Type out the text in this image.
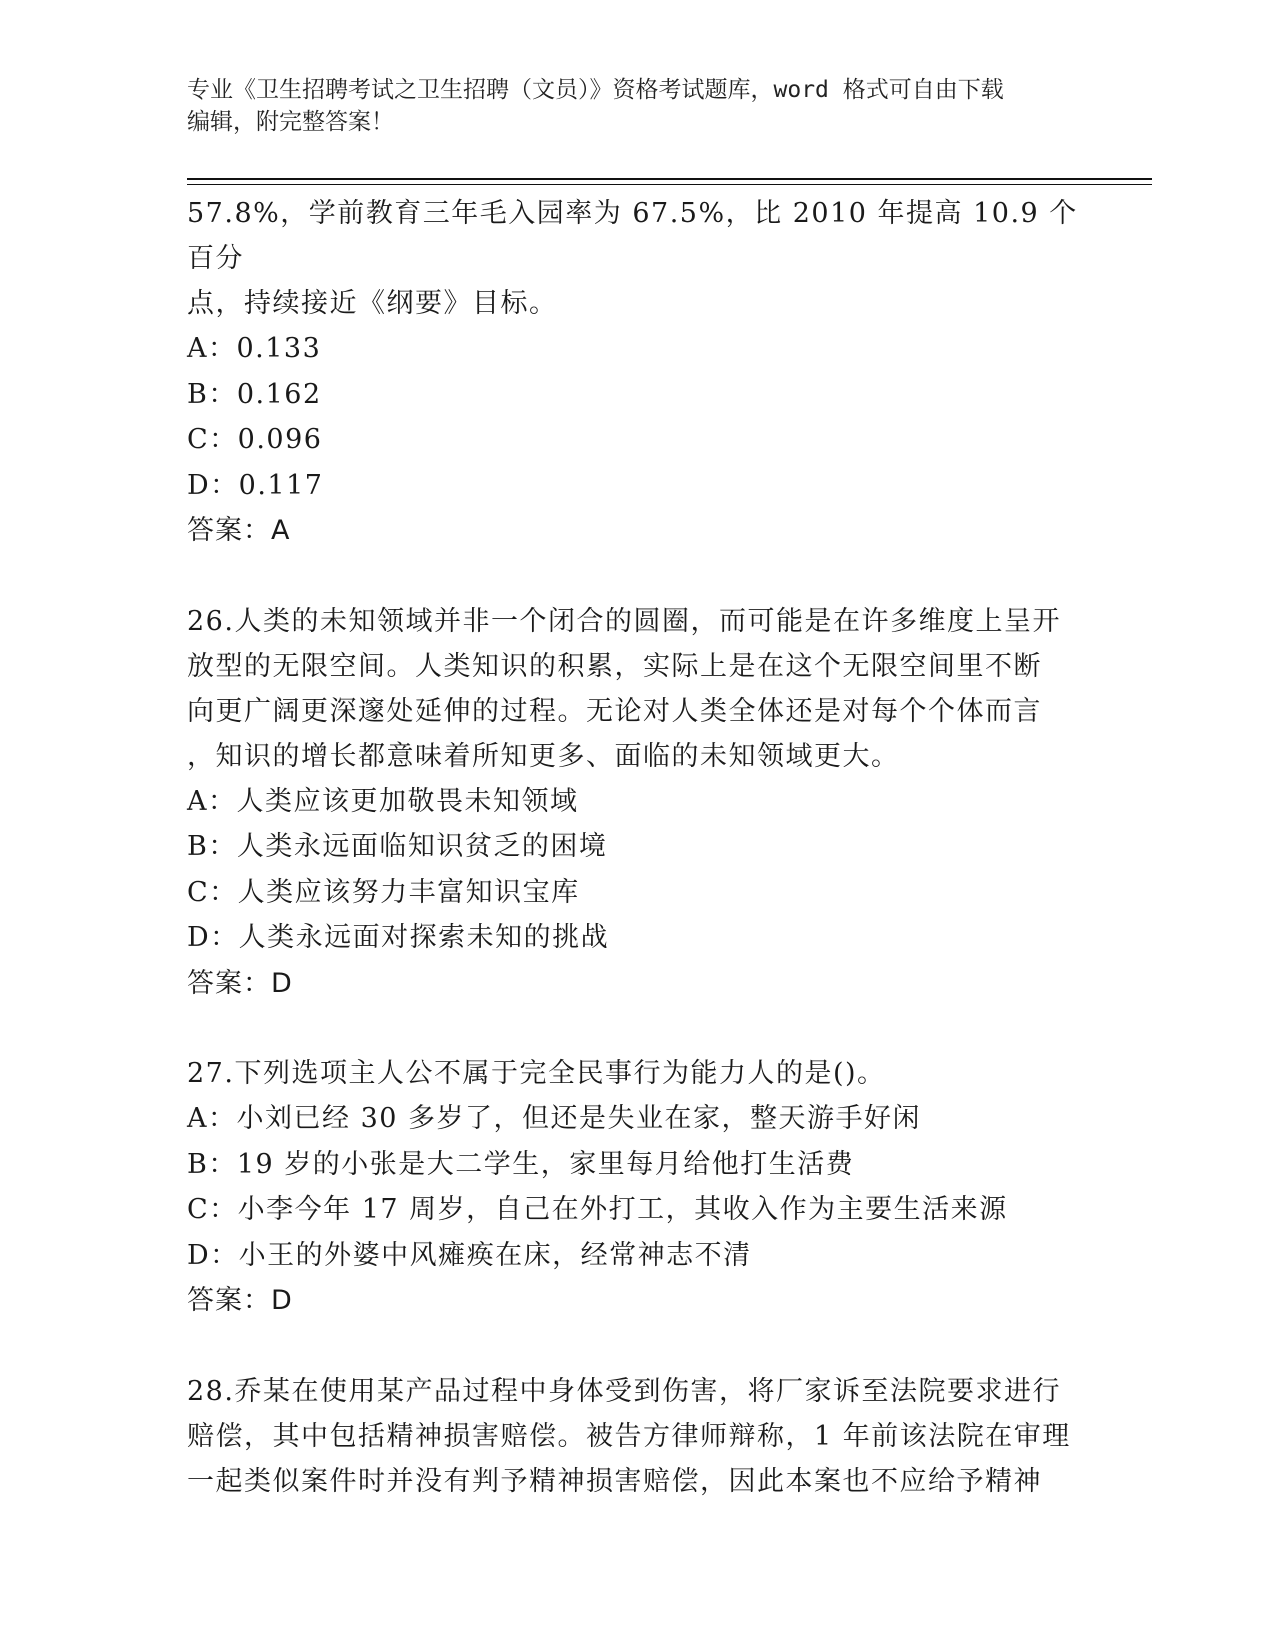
专业《卫生招聘考试之卫生招聘（文员）》资格考试题库，word 格式可自由下载
编辑，附完整答案！

57.8%，学前教育三年毛入园率为 67.5%，比 2010 年提高 10.9 个百分

点，持续接近《纲要》目标。

A：0.133

B：0.162

C：0.096

D：0.117

答案：A

26.人类的未知领域并非一个闭合的圆圈，而可能是在许多维度上呈开

放型的无限空间。人类知识的积累，实际上是在这个无限空间里不断

向更广阔更深邃处延伸的过程。无论对人类全体还是对每个个体而言

，知识的增长都意味着所知更多、面临的未知领域更大。

A：人类应该更加敬畏未知领域

B：人类永远面临知识贫乏的困境

C：人类应该努力丰富知识宝库

D：人类永远面对探索未知的挑战

答案：D

27.下列选项主人公不属于完全民事行为能力人的是()。

A：小刘已经 30 多岁了，但还是失业在家，整天游手好闲

B：19 岁的小张是大二学生，家里每月给他打生活费

C：小李今年 17 周岁，自己在外打工，其收入作为主要生活来源

D：小王的外婆中风瘫痪在床，经常神志不清

答案：D

28.乔某在使用某产品过程中身体受到伤害，将厂家诉至法院要求进行

赔偿，其中包括精神损害赔偿。被告方律师辩称，1 年前该法院在审理

一起类似案件时并没有判予精神损害赔偿，因此本案也不应给予精神
